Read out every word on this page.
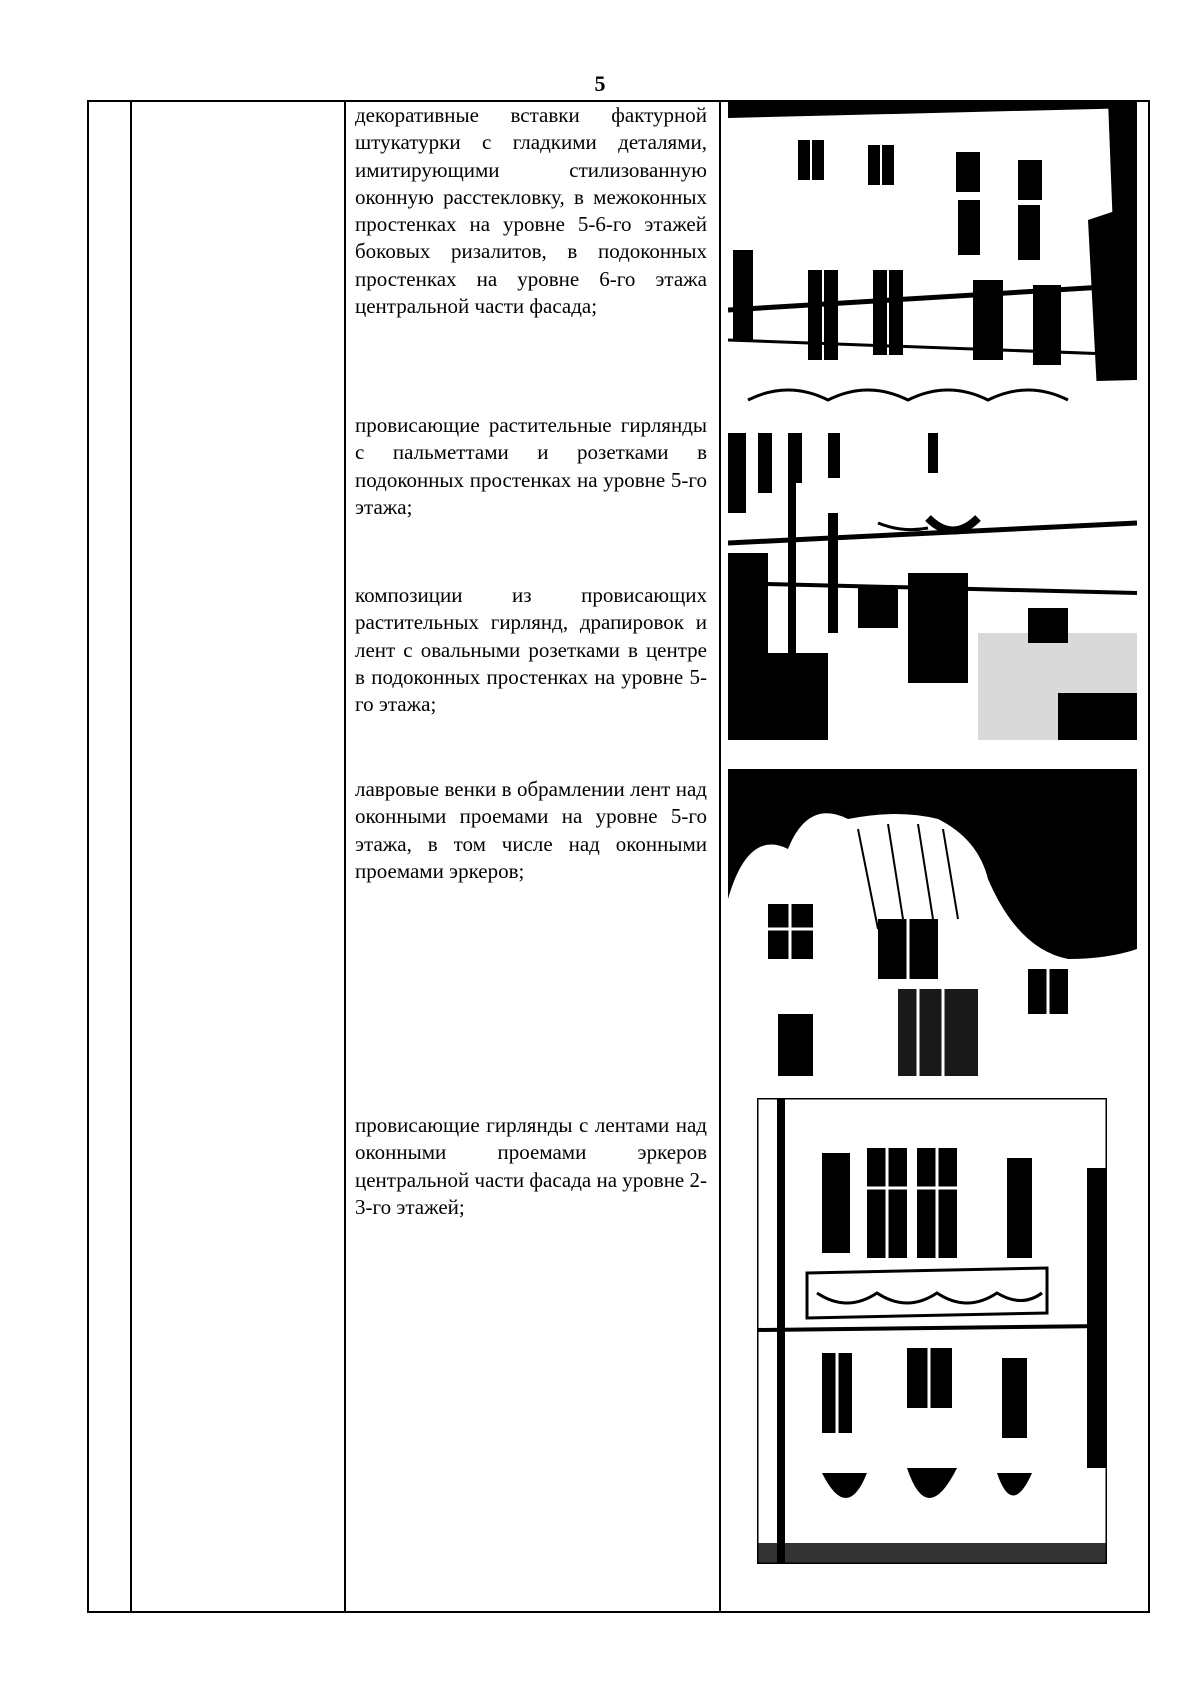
5
декоративные вставки фактурной штукатурки с гладкими деталями, имитирующими стилизованную оконную расстекловку, в межоконных простенках на уровне 5-6-го этажей боковых ризалитов, в подоконных простенках на уровне 6-го этажа центральной части фасада;
провисающие растительные гирлянды с пальметтами и розетками в подоконных простенках на уровне 5-го этажа;
композиции из провисающих растительных гирлянд, драпировок и лент с овальными розетками в центре в подоконных простенках на уровне 5-го этажа;
лавровые венки в обрамлении лент над оконными проемами на уровне 5-го этажа, в том числе над оконными проемами эркеров;
провисающие гирлянды с лентами над оконными проемами эркеров центральной части фасада на уровне 2-3-го этажей;
